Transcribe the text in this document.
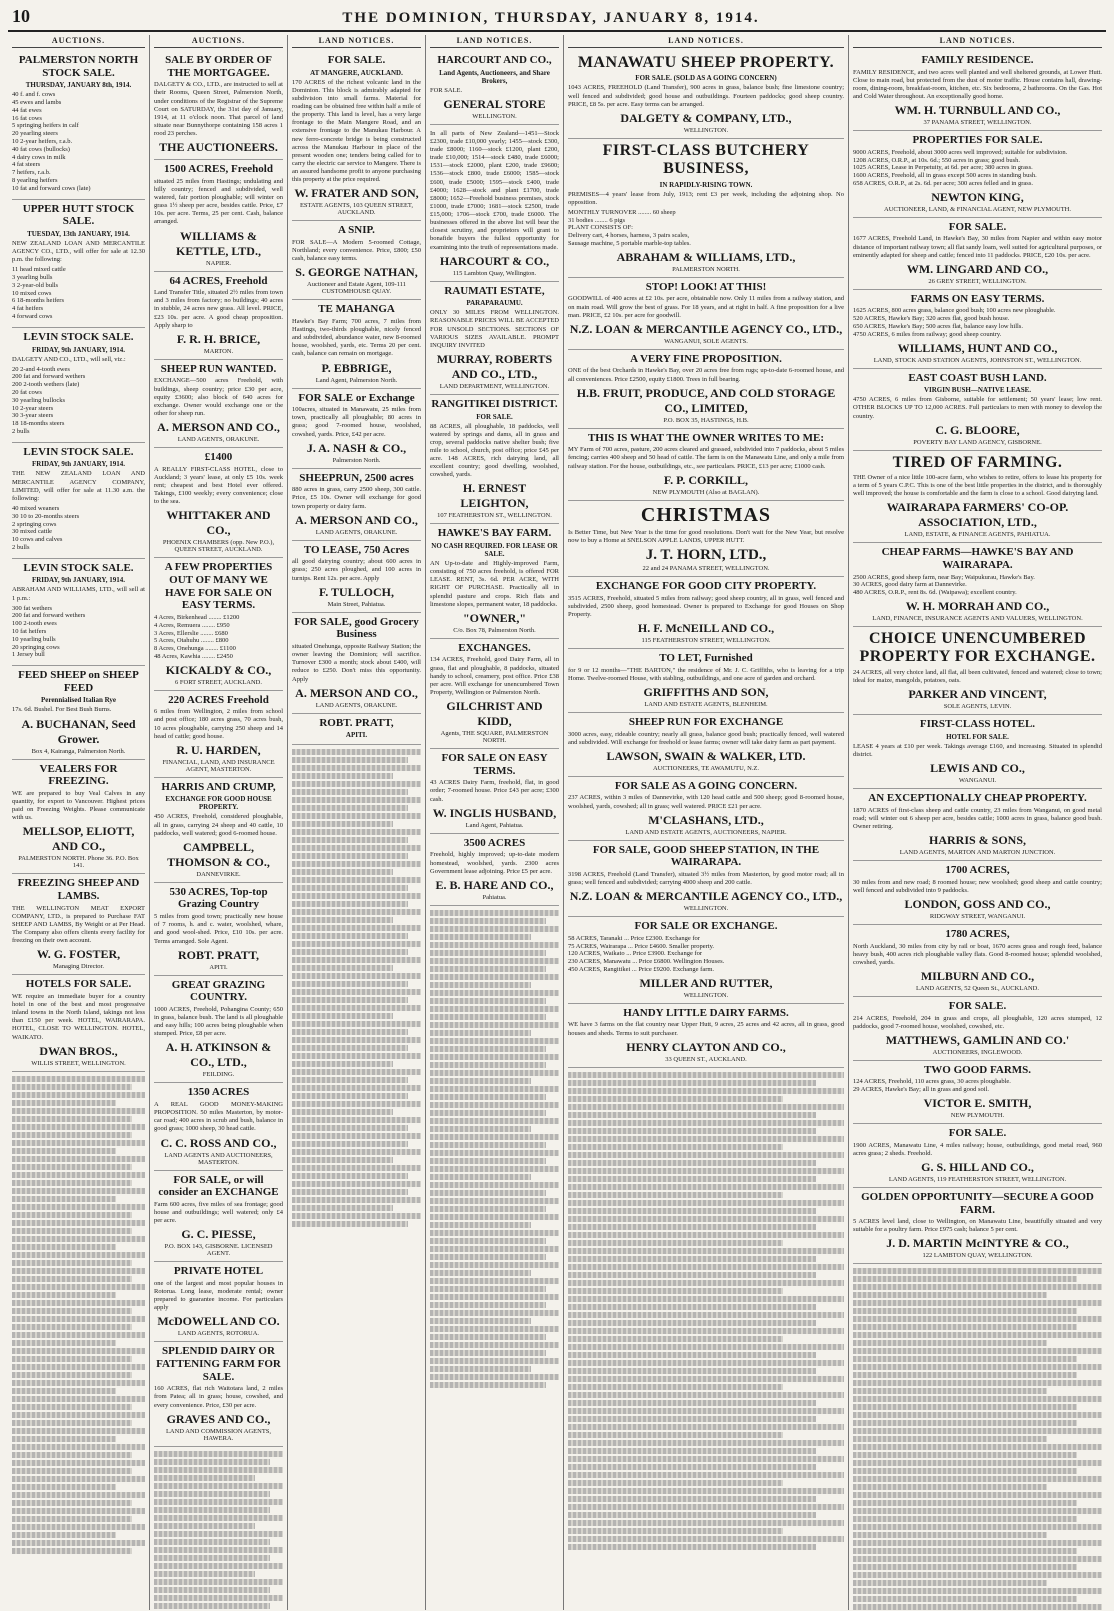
10	THE DOMINION, THURSDAY, JANUARY 8, 1914.
AUCTIONS.
PALMERSTON NORTH STOCK SALE.
THURSDAY, JANUARY 8th, 1914.
40 f. and f. cows
45 ewes and lambs
44 fat ewes
16 fat cows
5 springing heifers in calf
20 yearling steers
10 2-year heifers, r.a.b.
40 fat cows (bullocks)
4 dairy cows in milk
4 fat steers
7 heifers, r.a.b.
8 yearling heifers
10 fat and forward cows (late)
UPPER HUTT STOCK SALE.
TUESDAY, 13th JANUARY, 1914.
NEW ZEALAND LOAN AND MERCANTILE AGENCY CO., LTD., will offer for sale at 12.30 p.m. the following:
11 head mixed cattle
3 yearling bulls
3 2-year-old bulls
10 mixed cows
6 18-months heifers
4 fat heifers
4 forward cows
LEVIN STOCK SALE.
FRIDAY, 9th JANUARY, 1914.
DALGETY AND CO., LTD., will sell, viz.:
20 2-and 4-tooth ewes
200 fat and forward wethers
200 2-tooth wethers (late)
20 fat cows
30 yearling bullocks
10 2-year steers
30 3-year steers
18 18-months steers
2 bulls
LEVIN STOCK SALE.
FRIDAY, 9th JANUARY, 1914.
THE NEW ZEALAND LOAN AND MERCANTILE AGENCY COMPANY, LIMITED, will offer for sale at 11.30 a.m. the following:
40 mixed weaners
30 10 to 20-months steers
2 springing cows
30 mixed cattle
10 cows and calves
2 bulls
LEVIN STOCK SALE.
FRIDAY, 9th JANUARY, 1914.
ABRAHAM AND WILLIAMS, LTD., will sell at 1 p.m.:
300 fat wethers
200 fat and forward wethers
100 2-tooth ewes
10 fat heifers
10 yearling bulls
20 springing cows
1 Jersey bull
FEED SHEEP on SHEEP FEED
Perennialised Italian Rye
17s. 6d. Bushel. For Best Bush Burns.
A. BUCHANAN, Seed Grower.
Box 4, Kairanga, Palmerston North.
VEALERS FOR FREEZING.
WE are prepared to buy Veal Calves in any quantity, for export to Vancouver. Highest prices paid on Freezing Weights. Please communicate with us.
MELLSOP, ELIOTT, AND CO.,
PALMERSTON NORTH. Phone 36. P.O. Box 141.
FREEZING SHEEP AND LAMBS.
THE WELLINGTON MEAT EXPORT COMPANY, LTD., is prepared to Purchase FAT SHEEP AND LAMBS, By Weight or at Per Head. The Company also offers clients every facility for freezing on their own account.
W. G. FOSTER,
Managing Director.
HOTELS FOR SALE.
WE require an immediate buyer for a country hotel in one of the best and most progressive inland towns in the North Island, takings not less than £150 per week. HOTEL, WAIRARAPA. HOTEL, CLOSE TO WELLINGTON. HOTEL, WAIKATO.
DWAN BROS.,
WILLIS STREET, WELLINGTON.
AUCTIONS.
SALE BY ORDER OF THE MORTGAGEE.
DALGETY & CO., LTD., are instructed to sell at their Rooms, Queen Street, Palmerston North, under conditions of the Registrar of the Supreme Court on SATURDAY, the 31st day of January, 1914, at 11 o'clock noon. That parcel of land situate near Bunnythorpe containing 158 acres 1 rood 23 perches.
THE AUCTIONEERS.
1500 ACRES, Freehold
situated 25 miles from Hastings; undulating and hilly country; fenced and subdivided, well watered, fair portion ploughable; will winter on grass 1½ sheep per acre, besides cattle. Price, £7 10s. per acre. Terms, 25 per cent. Cash, balance arranged.
WILLIAMS & KETTLE, LTD.,
NAPIER.
64 ACRES, Freehold
Land Transfer Title, situated 2½ miles from town and 3 miles from factory; no buildings; 40 acres in stubble, 24 acres new grass. All level. PRICE, £23 10s. per acre. A good cheap proposition. Apply sharp to
F. R. H. BRICE,
MARTON.
SHEEP RUN WANTED.
EXCHANGE—500 acres Freehold, with buildings, sheep country; price £30 per acre, equity £3600; also block of 640 acres for exchange. Owner would exchange one or the other for sheep run.
A. MERSON AND CO.,
LAND AGENTS, ORAKUNE.
£1400
A REALLY FIRST-CLASS HOTEL, close to Auckland; 3 years' lease, at only £5 10s. week rent; cheapest and best Hotel ever offered. Takings, £100 weekly; every convenience; close to the sea.
WHITTAKER AND CO.,
PHOENIX CHAMBERS (opp. New P.O.), QUEEN STREET, AUCKLAND.
A FEW PROPERTIES OUT OF MANY WE HAVE FOR SALE ON EASY TERMS.
4 Acres, Birkenhead ........ £1200
4 Acres, Remuera ........ £950
3 Acres, Ellerslie ........ £680
5 Acres, Otahuhu ........ £800
8 Acres, Onehunga ........ £1100
48 Acres, Kawhia ........ £2450
KICKALDY & CO.,
6 FORT STREET, AUCKLAND.
220 ACRES Freehold
6 miles from Wellington, 2 miles from school and post office; 180 acres grass, 70 acres bush, 10 acres ploughable, carrying 250 sheep and 14 head of cattle; good house.
R. U. HARDEN,
FINANCIAL, LAND, AND INSURANCE AGENT, MASTERTON.
HARRIS AND CRUMP,
EXCHANGE FOR GOOD HOUSE PROPERTY.
450 ACRES, Freehold, considered ploughable, all in grass, carrying 24 sheep and 40 cattle, 10 paddocks, well watered; good 6-roomed house.
CAMPBELL, THOMSON & CO.,
DANNEVIRKE.
530 ACRES, Top-top Grazing Country
5 miles from good town; practically new house of 7 rooms, h. and c. water, woolshed, whare, and good wool-shed. Price, £10 10s. per acre. Terms arranged. Sole Agent.
ROBT. PRATT,
APITI.
GREAT GRAZING COUNTRY.
1000 ACRES, Freehold, Pohangina County; 650 in grass, balance bush. The land is all ploughable and easy hills; 100 acres being ploughable when stumped. Price, £8 per acre.
A. H. ATKINSON & CO., LTD.,
FEILDING.
1350 ACRES
A REAL GOOD MONEY-MAKING PROPOSITION. 50 miles Masterton, by motor-car road; 400 acres in scrub and bush, balance in good grass; 1000 sheep, 30 head cattle.
C. C. ROSS AND CO.,
LAND AGENTS AND AUCTIONEERS, MASTERTON.
FOR SALE, or will consider an EXCHANGE
Farm 600 acres, five miles of sea frontage; good house and outbuildings; well watered; only £4 per acre.
G. C. PIESSE,
P.O. BOX 143, GISBORNE. LICENSED AGENT.
PRIVATE HOTEL
one of the largest and most popular houses in Rotorua. Long lease, moderate rental; owner prepared to guarantee income. For particulars apply
McDOWELL AND CO.
LAND AGENTS, ROTORUA.
SPLENDID DAIRY OR FATTENING FARM FOR SALE.
160 ACRES, flat rich Waitotara land, 2 miles from Patea; all in grass; house, cowshed, and every convenience. Price, £30 per acre.
GRAVES AND CO.,
LAND AND COMMISSION AGENTS, HAWERA.
LAND NOTICES.
FOR SALE.
AT MANGERE, AUCKLAND.
170 ACRES of the richest volcanic land in the Dominion. This block is admirably adapted for subdivision into small farms. Material for roading can be obtained free within half a mile of the property. This land is level, has a very large frontage to the Main Mangere Road, and an extensive frontage to the Manukau Harbour. A new ferro-concrete bridge is being constructed across the Manukau Harbour in place of the present wooden one; tenders being called for to carry the electric car service to Mangere. There is an assured handsome profit to anyone purchasing this property at the price required.
W. FRATER AND SON,
ESTATE AGENTS, 103 QUEEN STREET, AUCKLAND.
A SNIP.
FOR SALE—A Modern 5-roomed Cottage, Northland; every convenience. Price, £800; £50 cash, balance easy terms.
S. GEORGE NATHAN,
Auctioneer and Estate Agent, 109-111 CUSTOMHOUSE QUAY.
TE MAHANGA
Hawke's Bay Farm; 700 acres, 7 miles from Hastings, two-thirds ploughable, nicely fenced and subdivided, abundance water, new 8-roomed house, woolshed, yards, etc. Terms 20 per cent. cash, balance can remain on mortgage.
P. EBBRIGE,
Land Agent, Palmerston North.
FOR SALE or Exchange
100acres, situated in Manawatu, 25 miles from town, practically all ploughable; 80 acres in grass; good 7-roomed house, woolshed, cowshed, yards. Price, £42 per acre.
J. A. NASH & CO.,
Palmerston North.
SHEEPRUN, 2500 acres
880 acres in grass, carry 2500 sheep, 300 cattle. Price, £5 10s. Owner will exchange for good town property or dairy farm.
A. MERSON AND CO.,
LAND AGENTS, ORAKUNE.
TO LEASE, 750 Acres
all good dairying country; about 600 acres in grass; 250 acres ploughed, and 100 acres in turnips. Rent 12s. per acre. Apply
F. TULLOCH,
Main Street, Pahiatua.
FOR SALE, good Grocery Business
situated Onehunga, opposite Railway Station; the owner leaving the Dominion; will sacrifice. Turnover £300 a month; stock about £400, will reduce to £250. Don't miss this opportunity. Apply
A. MERSON AND CO.,
LAND AGENTS, ORAKUNE.
ROBT. PRATT,
APITI.
LAND NOTICES.
HARCOURT AND CO.,
Land Agents, Auctioneers, and Share Brokers,
FOR SALE.
GENERAL STORE
WELLINGTON.
In all parts of New Zealand—1451—Stock £2300, trade £10,000 yearly; 1455—stock £300, trade £8000; 1160—stock £1200, plant £200, trade £10,000; 1514—stock £480, trade £6000; 1531—stock £2000, plant £200, trade £9600; 1536—stock £800, trade £6000; 1585—stock £600, trade £5000; 1595—stock £400, trade £4000; 1628—stock and plant £1700, trade £8000; 1652—Freehold business premises, stock £1000, trade £7000; 1681—stock £2500, trade £15,000; 1706—stock £700, trade £6000. The businesses offered in the above list will bear the closest scrutiny, and proprietors will grant to bonafide buyers the fullest opportunity for examining into the truth of representations made.
HARCOURT & CO.,
115 Lambton Quay, Wellington.
RAUMATI ESTATE,
PARAPARAUMU.
ONLY 30 MILES FROM WELLINGTON. REASONABLE PRICES WILL BE ACCEPTED FOR UNSOLD SECTIONS. SECTIONS OF VARIOUS SIZES AVAILABLE. PROMPT INQUIRY INVITED
MURRAY, ROBERTS AND CO., LTD.,
LAND DEPARTMENT, WELLINGTON.
RANGITIKEI DISTRICT.
FOR SALE.
88 ACRES, all ploughable, 18 paddocks, well watered by springs and dams, all in grass and crop, several paddocks native shelter bush; five mile to school, church, post office; price £45 per acre. 148 ACRES, rich dairying land, all excellent country; good dwelling, woolshed, cowshed, yards.
H. ERNEST LEIGHTON,
107 FEATHERSTON ST., WELLINGTON.
HAWKE'S BAY FARM.
NO CASH REQUIRED. FOR LEASE OR SALE.
AN Up-to-date and Highly-improved Farm, consisting of 750 acres freehold, is offered FOR LEASE. RENT, 3s. 6d. PER ACRE, WITH RIGHT OF PURCHASE. Practically all in splendid pasture and crops. Rich flats and limestone slopes, permanent water, 18 paddocks.
"OWNER,"
C/o. Box 78, Palmerston North.
EXCHANGES.
134 ACRES, Freehold, good Dairy Farm, all in grass, flat and ploughable, 8 paddocks, situated handy to school, creamery, post office. Price £38 per acre. Will exchange for unencumbered Town Property, Wellington or Palmerston North.
GILCHRIST AND KIDD,
Agents, THE SQUARE, PALMERSTON NORTH.
FOR SALE ON EASY TERMS.
43 ACRES Dairy Farm, freehold, flat, in good order; 7-roomed house. Price £43 per acre; £300 cash.
W. INGLIS HUSBAND,
Land Agent, Pahiatua.
3500 ACRES
Freehold, highly improved; up-to-date modern homestead, woolshed, yards. 2300 acres Government lease adjoining. Price £5 per acre.
E. B. HARE AND CO.,
Pahiatua.
LAND NOTICES.
MANAWATU SHEEP PROPERTY.
FOR SALE. (SOLD AS A GOING CONCERN)
1043 ACRES, FREEHOLD (Land Transfer), 900 acres in grass, balance bush; fine limestone country; well fenced and subdivided; good house and outbuildings. Fourteen paddocks; good sheep country. PRICE, £8 5s. per acre. Easy terms can be arranged.
DALGETY & COMPANY, LTD.,
WELLINGTON.
FIRST-CLASS BUTCHERY BUSINESS,
IN RAPIDLY-RISING TOWN.
PREMISES—4 years' lease from July, 1913; rent £3 per week, including the adjoining shop. No opposition.
MONTHLY TURNOVER ........ 60 sheep
31 bodies ........ 6 pigs
PLANT CONSISTS OF:
Delivery cart, 4 horses, harness, 3 pairs scales,
Sausage machine, 5 portable marble-top tables.
ABRAHAM & WILLIAMS, LTD.,
PALMERSTON NORTH.
STOP! LOOK! AT THIS!
GOODWILL of 400 acres at £2 10s. per acre, obtainable now. Only 11 miles from a railway station, and on main road. Will grow the best of grass. For 18 years, and at right in half. A fine proposition for a live man. PRICE, £2 10s. per acre for goodwill.
N.Z. LOAN & MERCANTILE AGENCY CO., LTD.,
WANGANUI, SOLE AGENTS.
A VERY FINE PROPOSITION.
ONE of the best Orchards in Hawke's Bay, over 20 acres free from rugs; up-to-date 6-roomed house, and all conveniences. Price £2500, equity £1800. Trees in full bearing.
H.B. FRUIT, PRODUCE, AND COLD STORAGE CO., LIMITED,
P.O. BOX 35, HASTINGS, H.B.
THIS IS WHAT THE OWNER WRITES TO ME:
MY Farm of 700 acres, pasture, 200 acres cleared and grassed, subdivided into 7 paddocks, about 5 miles fencing; carries 400 sheep and 50 head of cattle. The farm is on the Manawatu Line, and only a mile from railway station. For the house, outbuildings, etc., see particulars. PRICE, £13 per acre; £1000 cash.
F. P. CORKILL,
NEW PLYMOUTH (Also at BAGLAN).
CHRISTMAS
Is Better Time, but New Year is the time for good resolutions. Don't wait for the New Year, but resolve now to buy a Home at SNELSON APPLE LANDS, UPPER HUTT.
J. T. HORN, LTD.,
22 and 24 PANAMA STREET, WELLINGTON.
EXCHANGE FOR GOOD CITY PROPERTY.
3515 ACRES, Freehold, situated 5 miles from railway; good sheep country, all in grass, well fenced and subdivided, 2500 sheep, good homestead. Owner is prepared to Exchange for good Houses on Shop Property.
H. F. McNEILL AND CO.,
115 FEATHERSTON STREET, WELLINGTON.
TO LET, Furnished
for 9 or 12 months—"THE BARTON," the residence of Mr. J. C. Griffiths, who is leaving for a trip Home. Twelve-roomed House, with stabling, outbuildings, and one acre of garden and orchard.
GRIFFITHS AND SON,
LAND AND ESTATE AGENTS, BLENHEIM.
SHEEP RUN FOR EXCHANGE
3000 acres, easy, rideable country; nearly all grass, balance good bush; practically fenced, well watered and subdivided. Will exchange for freehold or lease farms; owner will take dairy farm as part payment.
LAWSON, SWAIN & WALKER, LTD.
AUCTIONEERS, TE AWAMUTU, N.Z.
FOR SALE AS A GOING CONCERN.
237 ACRES, within 3 miles of Dannevirke, with 120 head cattle and 500 sheep; good 8-roomed house, woolshed, yards, cowshed; all in grass; well watered. PRICE £21 per acre.
M'CLASHANS, LTD.,
LAND AND ESTATE AGENTS, AUCTIONEERS, NAPIER.
FOR SALE, GOOD SHEEP STATION, IN THE WAIRARAPA.
3198 ACRES, Freehold (Land Transfer), situated 3½ miles from Masterton, by good motor road; all in grass; well fenced and subdivided; carrying 4000 sheep and 200 cattle.
N.Z. LOAN & MERCANTILE AGENCY CO., LTD.,
WELLINGTON.
FOR SALE OR EXCHANGE.
58 ACRES, Taranaki ... Price £2300. Exchange for
75 ACRES, Wairarapa ... Price £4600. Smaller property.
120 ACRES, Waikato ... Price £3900. Exchange for
230 ACRES, Manawatu ... Price £6800. Wellington Houses.
450 ACRES, Rangitikei ... Price £9200. Exchange farm.
MILLER AND RUTTER,
WELLINGTON.
HANDY LITTLE DAIRY FARMS.
WE have 3 farms on the flat country near Upper Hutt, 9 acres, 25 acres and 42 acres, all in grass, good houses and sheds. Terms to suit purchaser.
HENRY CLAYTON AND CO.,
33 QUEEN ST., AUCKLAND.
LAND NOTICES.
FAMILY RESIDENCE.
FAMILY RESIDENCE, and two acres well planted and well sheltered grounds, at Lower Hutt. Close to main road, but protected from the dust of motor traffic. House contains hall, drawing-room, dining-room, breakfast-room, kitchen, etc. Six bedrooms, 2 bathrooms. On the Gas. Hot and Cold Water throughout. An exceptionally good home.
WM. H. TURNBULL AND CO.,
37 PANAMA STREET, WELLINGTON.
PROPERTIES FOR SALE.
9000 ACRES, Freehold, about 3000 acres well improved; suitable for subdivision.
1208 ACRES, O.R.P., at 10s. 6d.; 550 acres in grass; good bush.
1025 ACRES, Lease in Perpetuity, at 6d. per acre; 380 acres in grass.
1600 ACRES, Freehold, all in grass except 500 acres in standing bush.
658 ACRES, O.R.P., at 2s. 6d. per acre; 300 acres felled and in grass.
NEWTON KING,
AUCTIONEER, LAND, & FINANCIAL AGENT, NEW PLYMOUTH.
FOR SALE.
1677 ACRES, Freehold Land, in Hawke's Bay, 30 miles from Napier and within easy motor distance of important railway town; all flat sandy loam, well suited for agricultural purposes, or eminently adapted for sheep and cattle; fenced into 11 paddocks. PRICE, £20 10s. per acre.
WM. LINGARD AND CO.,
26 GREY STREET, WELLINGTON.
FARMS ON EASY TERMS.
1625 ACRES, 800 acres grass, balance good bush; 100 acres new ploughable.
520 ACRES, Hawke's Bay; 320 acres flat, good bush house.
650 ACRES, Hawke's Bay; 500 acres flat, balance easy low hills.
4750 ACRES, 6 miles from railway; good sheep country.
WILLIAMS, HUNT AND CO.,
LAND, STOCK AND STATION AGENTS, JOHNSTON ST., WELLINGTON.
EAST COAST BUSH LAND.
VIRGIN BUSH—NATIVE LEASE.
4750 ACRES, 6 miles from Gisborne, suitable for settlement; 50 years' lease; low rent. OTHER BLOCKS UP TO 12,000 ACRES. Full particulars to men with money to develop the country.
C. G. BLOORE,
POVERTY BAY LAND AGENCY, GISBORNE.
TIRED OF FARMING.
THE Owner of a nice little 100-acre farm, who wishes to retire, offers to lease his property for a term of 5 years C.P.C. This is one of the best little properties in the district, and is thoroughly well improved; the house is comfortable and the farm is close to a school. Good dairying land.
WAIRARAPA FARMERS' CO-OP. ASSOCIATION, LTD.,
LAND, ESTATE, & FINANCE AGENTS, PAHIATUA.
CHEAP FARMS—HAWKE'S BAY AND WAIRARAPA.
2500 ACRES, good sheep farm, near Bay; Waipukurau, Hawke's Bay.
30 ACRES, good dairy farm at Dannevirke.
480 ACRES, O.R.P., rent 8s. 6d. (Waipawa); excellent country.
W. H. MORRAH AND CO.,
LAND, FINANCE, INSURANCE AGENTS AND VALUERS, WELLINGTON.
CHOICE UNENCUMBERED PROPERTY FOR EXCHANGE.
24 ACRES, all very choice land, all flat, all been cultivated, fenced and watered; close to town; ideal for maize, mangolds, potatoes, oats.
PARKER AND VINCENT,
SOLE AGENTS, LEVIN.
FIRST-CLASS HOTEL.
HOTEL FOR SALE.
LEASE 4 years at £10 per week. Takings average £160, and increasing. Situated in splendid district.
LEWIS AND CO.,
WANGANUI.
AN EXCEPTIONALLY CHEAP PROPERTY.
1870 ACRES of first-class sheep and cattle country, 23 miles from Wanganui, on good metal road; will winter out 6 sheep per acre, besides cattle; 1000 acres in grass, balance good bush. Owner retiring.
HARRIS & SONS,
LAND AGENTS, MARTON AND MARTON JUNCTION.
1700 ACRES,
30 miles from and new road; 8 roomed house; new woolshed; good sheep and cattle country; well fenced and subdivided into 9 paddocks.
LONDON, GOSS AND CO.,
RIDGWAY STREET, WANGANUI.
1780 ACRES,
North Auckland, 30 miles from city by rail or boat, 1670 acres grass and rough feed, balance heavy bush, 400 acres rich ploughable valley flats. Good 8-roomed house; splendid woolshed, cowshed, yards.
MILBURN AND CO.,
LAND AGENTS, 52 Queen St., AUCKLAND.
FOR SALE.
214 ACRES, Freehold, 204 in grass and crops, all ploughable, 120 acres stumped, 12 paddocks, good 7-roomed house, woolshed, cowshed, etc.
MATTHEWS, GAMLIN AND CO.'
AUCTIONEERS, INGLEWOOD.
TWO GOOD FARMS.
124 ACRES, Freehold, 110 acres grass, 30 acres ploughable.
29 ACRES, Hawke's Bay; all in grass and good soil.
VICTOR E. SMITH,
NEW PLYMOUTH.
FOR SALE.
1900 ACRES, Manawatu Line, 4 miles railway; house, outbuildings, good metal road, 960 acres grass; 2 sheds. Freehold.
G. S. HILL AND CO.,
LAND AGENTS, 119 FEATHERSTON STREET, WELLINGTON.
GOLDEN OPPORTUNITY—SECURE A GOOD FARM.
5 ACRES level land, close to Wellington, on Manawatu Line, beautifully situated and very suitable for a poultry farm. Price £975 cash; balance 5 per cent.
J. D. MARTIN McINTYRE & CO.,
122 LAMBTON QUAY, WELLINGTON.
